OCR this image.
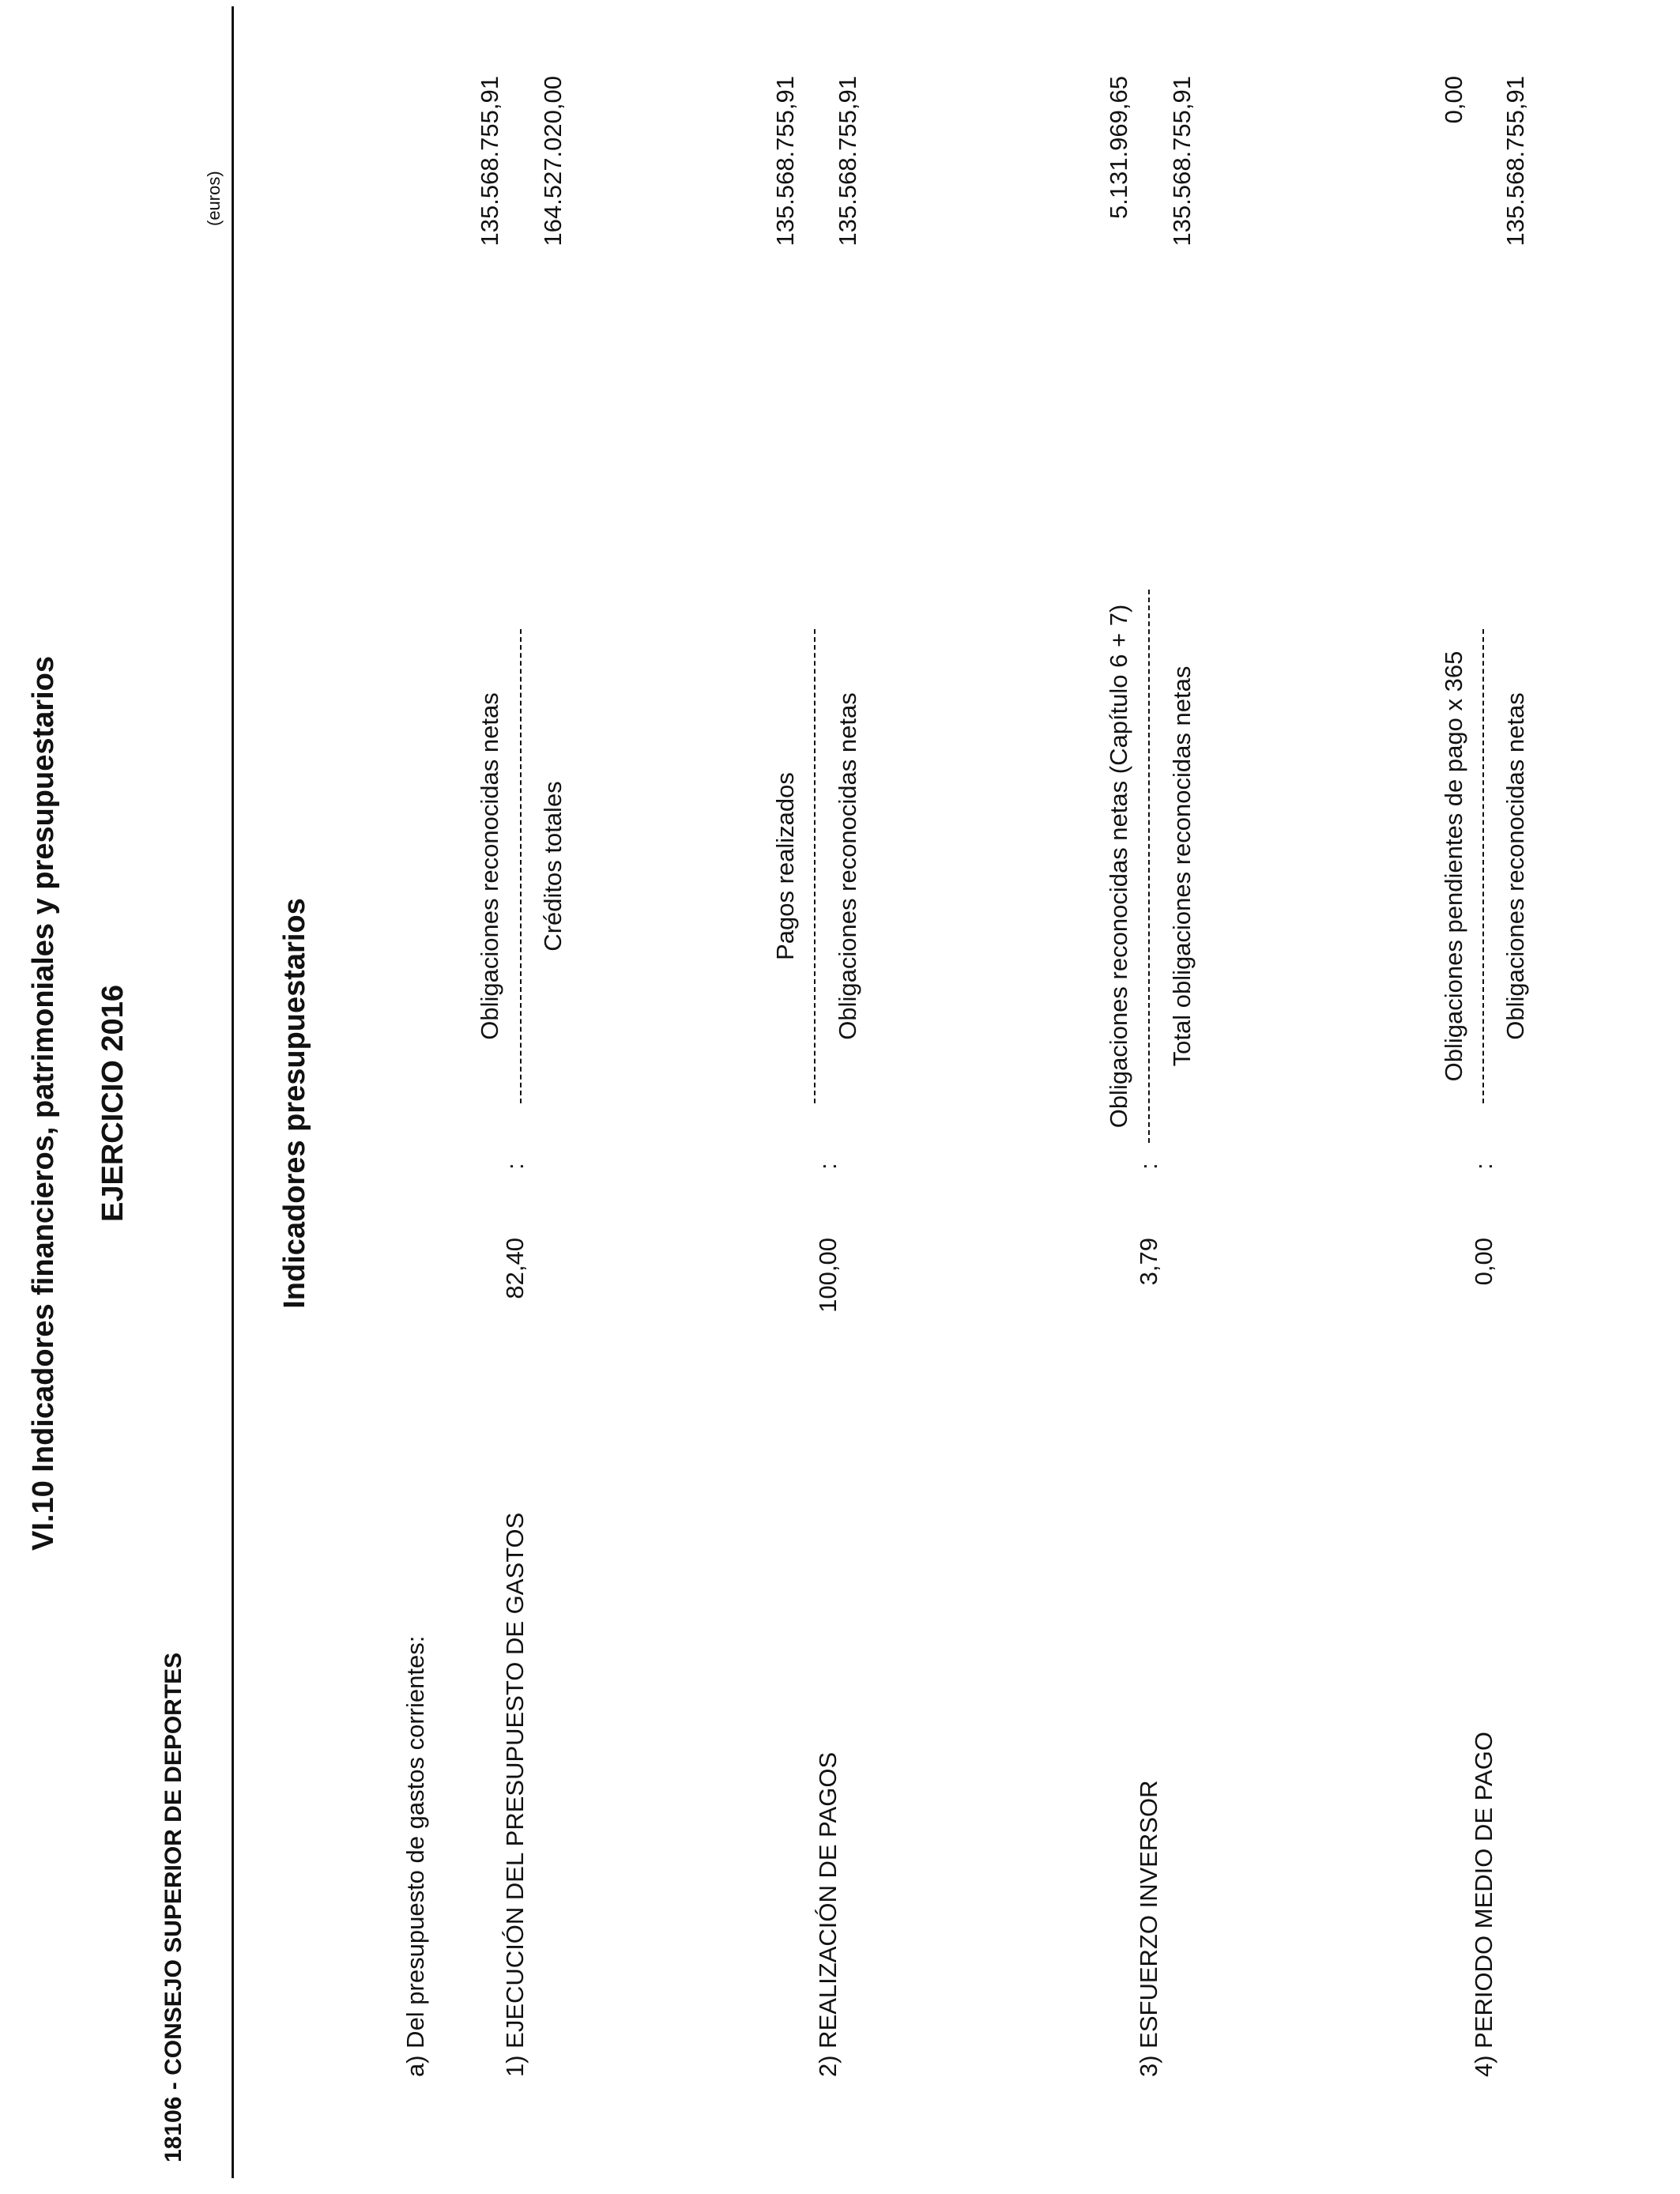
VI.10 Indicadores financieros, patrimoniales y presupuestarios EJERCICIO 2016
18106 - CONSEJO SUPERIOR DE DEPORTES
(euros)
Indicadores presupuestarios
a) Del presupuesto de gastos corrientes:	1) EJECUCIÓN DEL PRESUPUESTO DE GASTOS
82,40
:
Obligaciones reconocidas netas Créditos totales
135.568.755,91 164.527.020,00
2) REALIZACIÓN DE PAGOS
100,00
:
Pagos realizados Obligaciones reconocidas netas
135.568.755,91 135.568.755,91
3) ESFUERZO INVERSOR
3,79
:
Obligaciones reconocidas netas (Capítulo 6 + 7) Total obligaciones reconocidas netas
5.131.969,65 135.568.755,91
4) PERIODO MEDIO DE PAGO
0,00
:
Obligaciones pendientes de pago x 365 Obligaciones reconocidas netas
0,00 135.568.755,91
